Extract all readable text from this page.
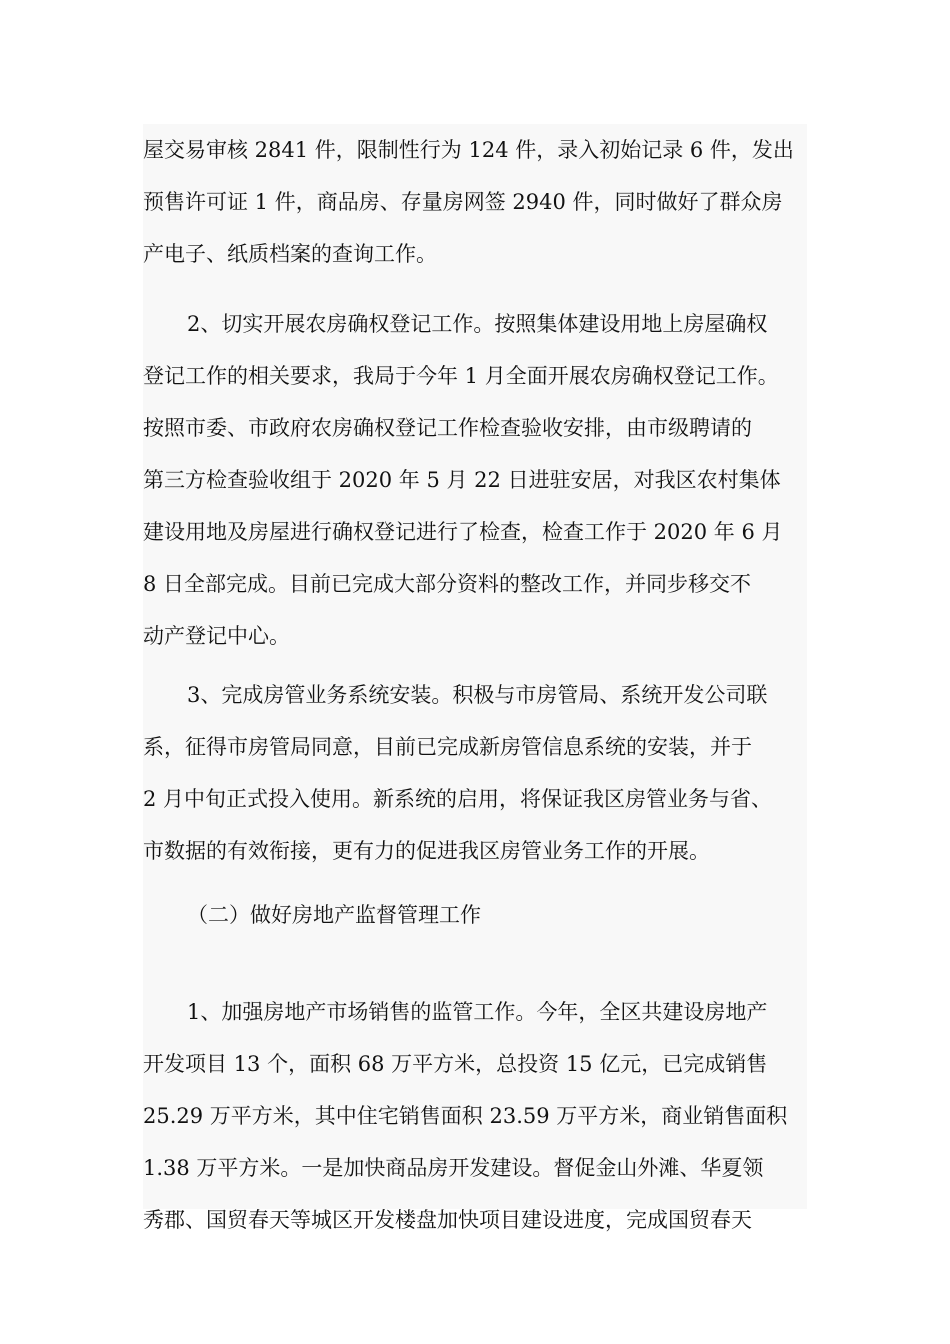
屋交易审核 2841 件，限制性行为 124 件，录入初始记录 6 件，发出
预售许可证 1 件，商品房、存量房网签 2940 件，同时做好了群众房
产电子、纸质档案的查询工作。
2、切实开展农房确权登记工作。按照集体建设用地上房屋确权
登记工作的相关要求，我局于今年 1 月全面开展农房确权登记工作。
按照市委、市政府农房确权登记工作检查验收安排，由市级聘请的
第三方检查验收组于 2020 年 5 月 22 日进驻安居，对我区农村集体
建设用地及房屋进行确权登记进行了检查，检查工作于 2020 年 6 月
8 日全部完成。目前已完成大部分资料的整改工作，并同步移交不
动产登记中心。
3、完成房管业务系统安装。积极与市房管局、系统开发公司联
系，征得市房管局同意，目前已完成新房管信息系统的安装，并于
2 月中旬正式投入使用。新系统的启用，将保证我区房管业务与省、
市数据的有效衔接，更有力的促进我区房管业务工作的开展。
（二）做好房地产监督管理工作
1、加强房地产市场销售的监管工作。今年，全区共建设房地产
开发项目 13 个，面积 68 万平方米，总投资 15 亿元，已完成销售
25.29 万平方米，其中住宅销售面积 23.59 万平方米，商业销售面积
1.38 万平方米。一是加快商品房开发建设。督促金山外滩、华夏领
秀郡、国贸春天等城区开发楼盘加快项目建设进度，完成国贸春天
